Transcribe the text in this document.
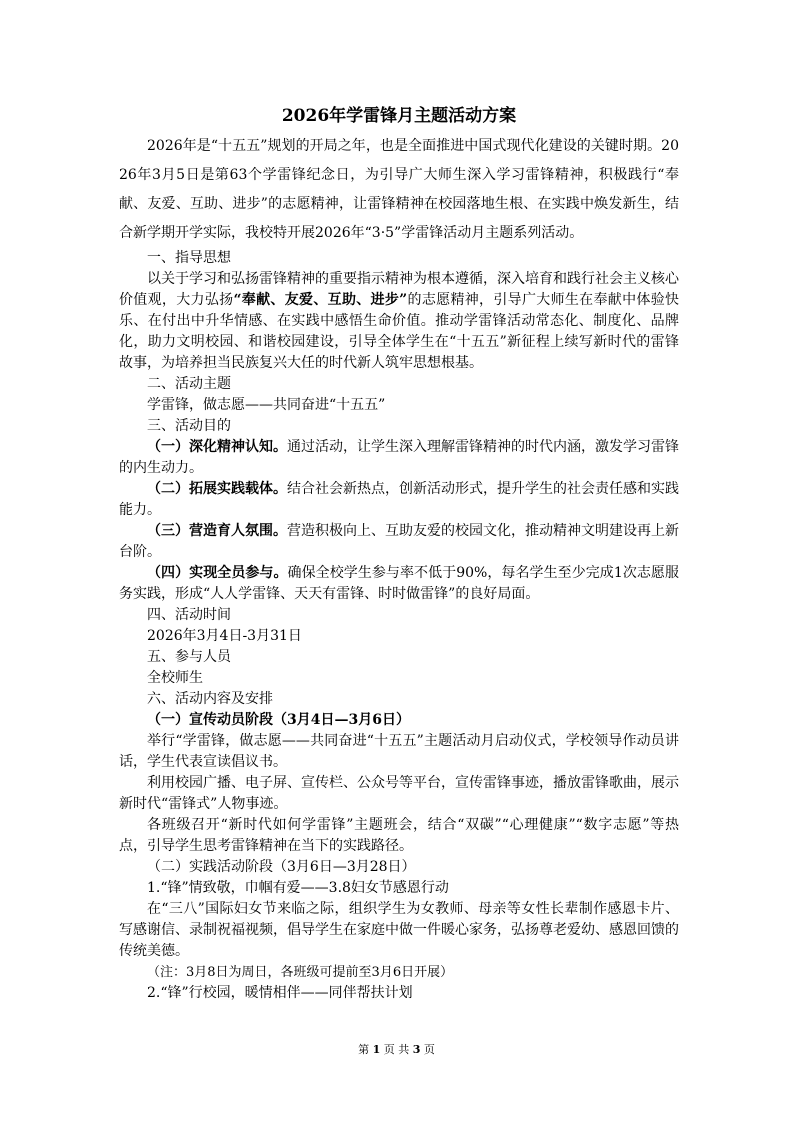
2026年学雷锋月主题活动方案

2026年是“十五五”规划的开局之年，也是全面推进中国式现代化建设的关键时期。2026年3月5日是第63个学雷锋纪念日，为引导广大师生深入学习雷锋精神，积极践行“奉献、友爱、互助、进步”的志愿精神，让雷锋精神在校园落地生根、在实践中焕发新生，结合新学期开学实际，我校特开展2026年“3·5”学雷锋活动月主题系列活动。

一、指导思想

以关于学习和弘扬雷锋精神的重要指示精神为根本遵循，深入培育和践行社会主义核心价值观，大力弘扬“奉献、友爱、互助、进步”的志愿精神，引导广大师生在奉献中体验快乐、在付出中升华情感、在实践中感悟生命价值。推动学雷锋活动常态化、制度化、品牌化，助力文明校园、和谐校园建设，引导全体学生在“十五五”新征程上续写新时代的雷锋故事，为培养担当民族复兴大任的时代新人筑牢思想根基。

二、活动主题

学雷锋，做志愿——共同奋进“十五五”

三、活动目的

（一）深化精神认知。通过活动，让学生深入理解雷锋精神的时代内涵，激发学习雷锋的内生动力。

（二）拓展实践载体。结合社会新热点，创新活动形式，提升学生的社会责任感和实践能力。

（三）营造育人氛围。营造积极向上、互助友爱的校园文化，推动精神文明建设再上新台阶。

（四）实现全员参与。确保全校学生参与率不低于90%，每名学生至少完成1次志愿服务实践，形成“人人学雷锋、天天有雷锋、时时做雷锋”的良好局面。

四、活动时间

2026年3月4日-3月31日

五、参与人员

全校师生

六、活动内容及安排

（一）宣传动员阶段（3月4日—3月6日）

举行“学雷锋，做志愿——共同奋进“十五五”主题活动月启动仪式，学校领导作动员讲话，学生代表宣读倡议书。

利用校园广播、电子屏、宣传栏、公众号等平台，宣传雷锋事迹，播放雷锋歌曲，展示新时代“雷锋式”人物事迹。

各班级召开“新时代如何学雷锋”主题班会，结合“双碳”“心理健康”“数字志愿”等热点，引导学生思考雷锋精神在当下的实践路径。

（二）实践活动阶段（3月6日—3月28日）

1.“锋”情致敬，巾帼有爱——3.8妇女节感恩行动

在“三八”国际妇女节来临之际，组织学生为女教师、母亲等女性长辈制作感恩卡片、写感谢信、录制祝福视频，倡导学生在家庭中做一件暖心家务，弘扬尊老爱幼、感恩回馈的传统美德。

（注：3月8日为周日，各班级可提前至3月6日开展）

2.“锋”行校园，暖情相伴——同伴帮扶计划

第 1 页 共 3 页
